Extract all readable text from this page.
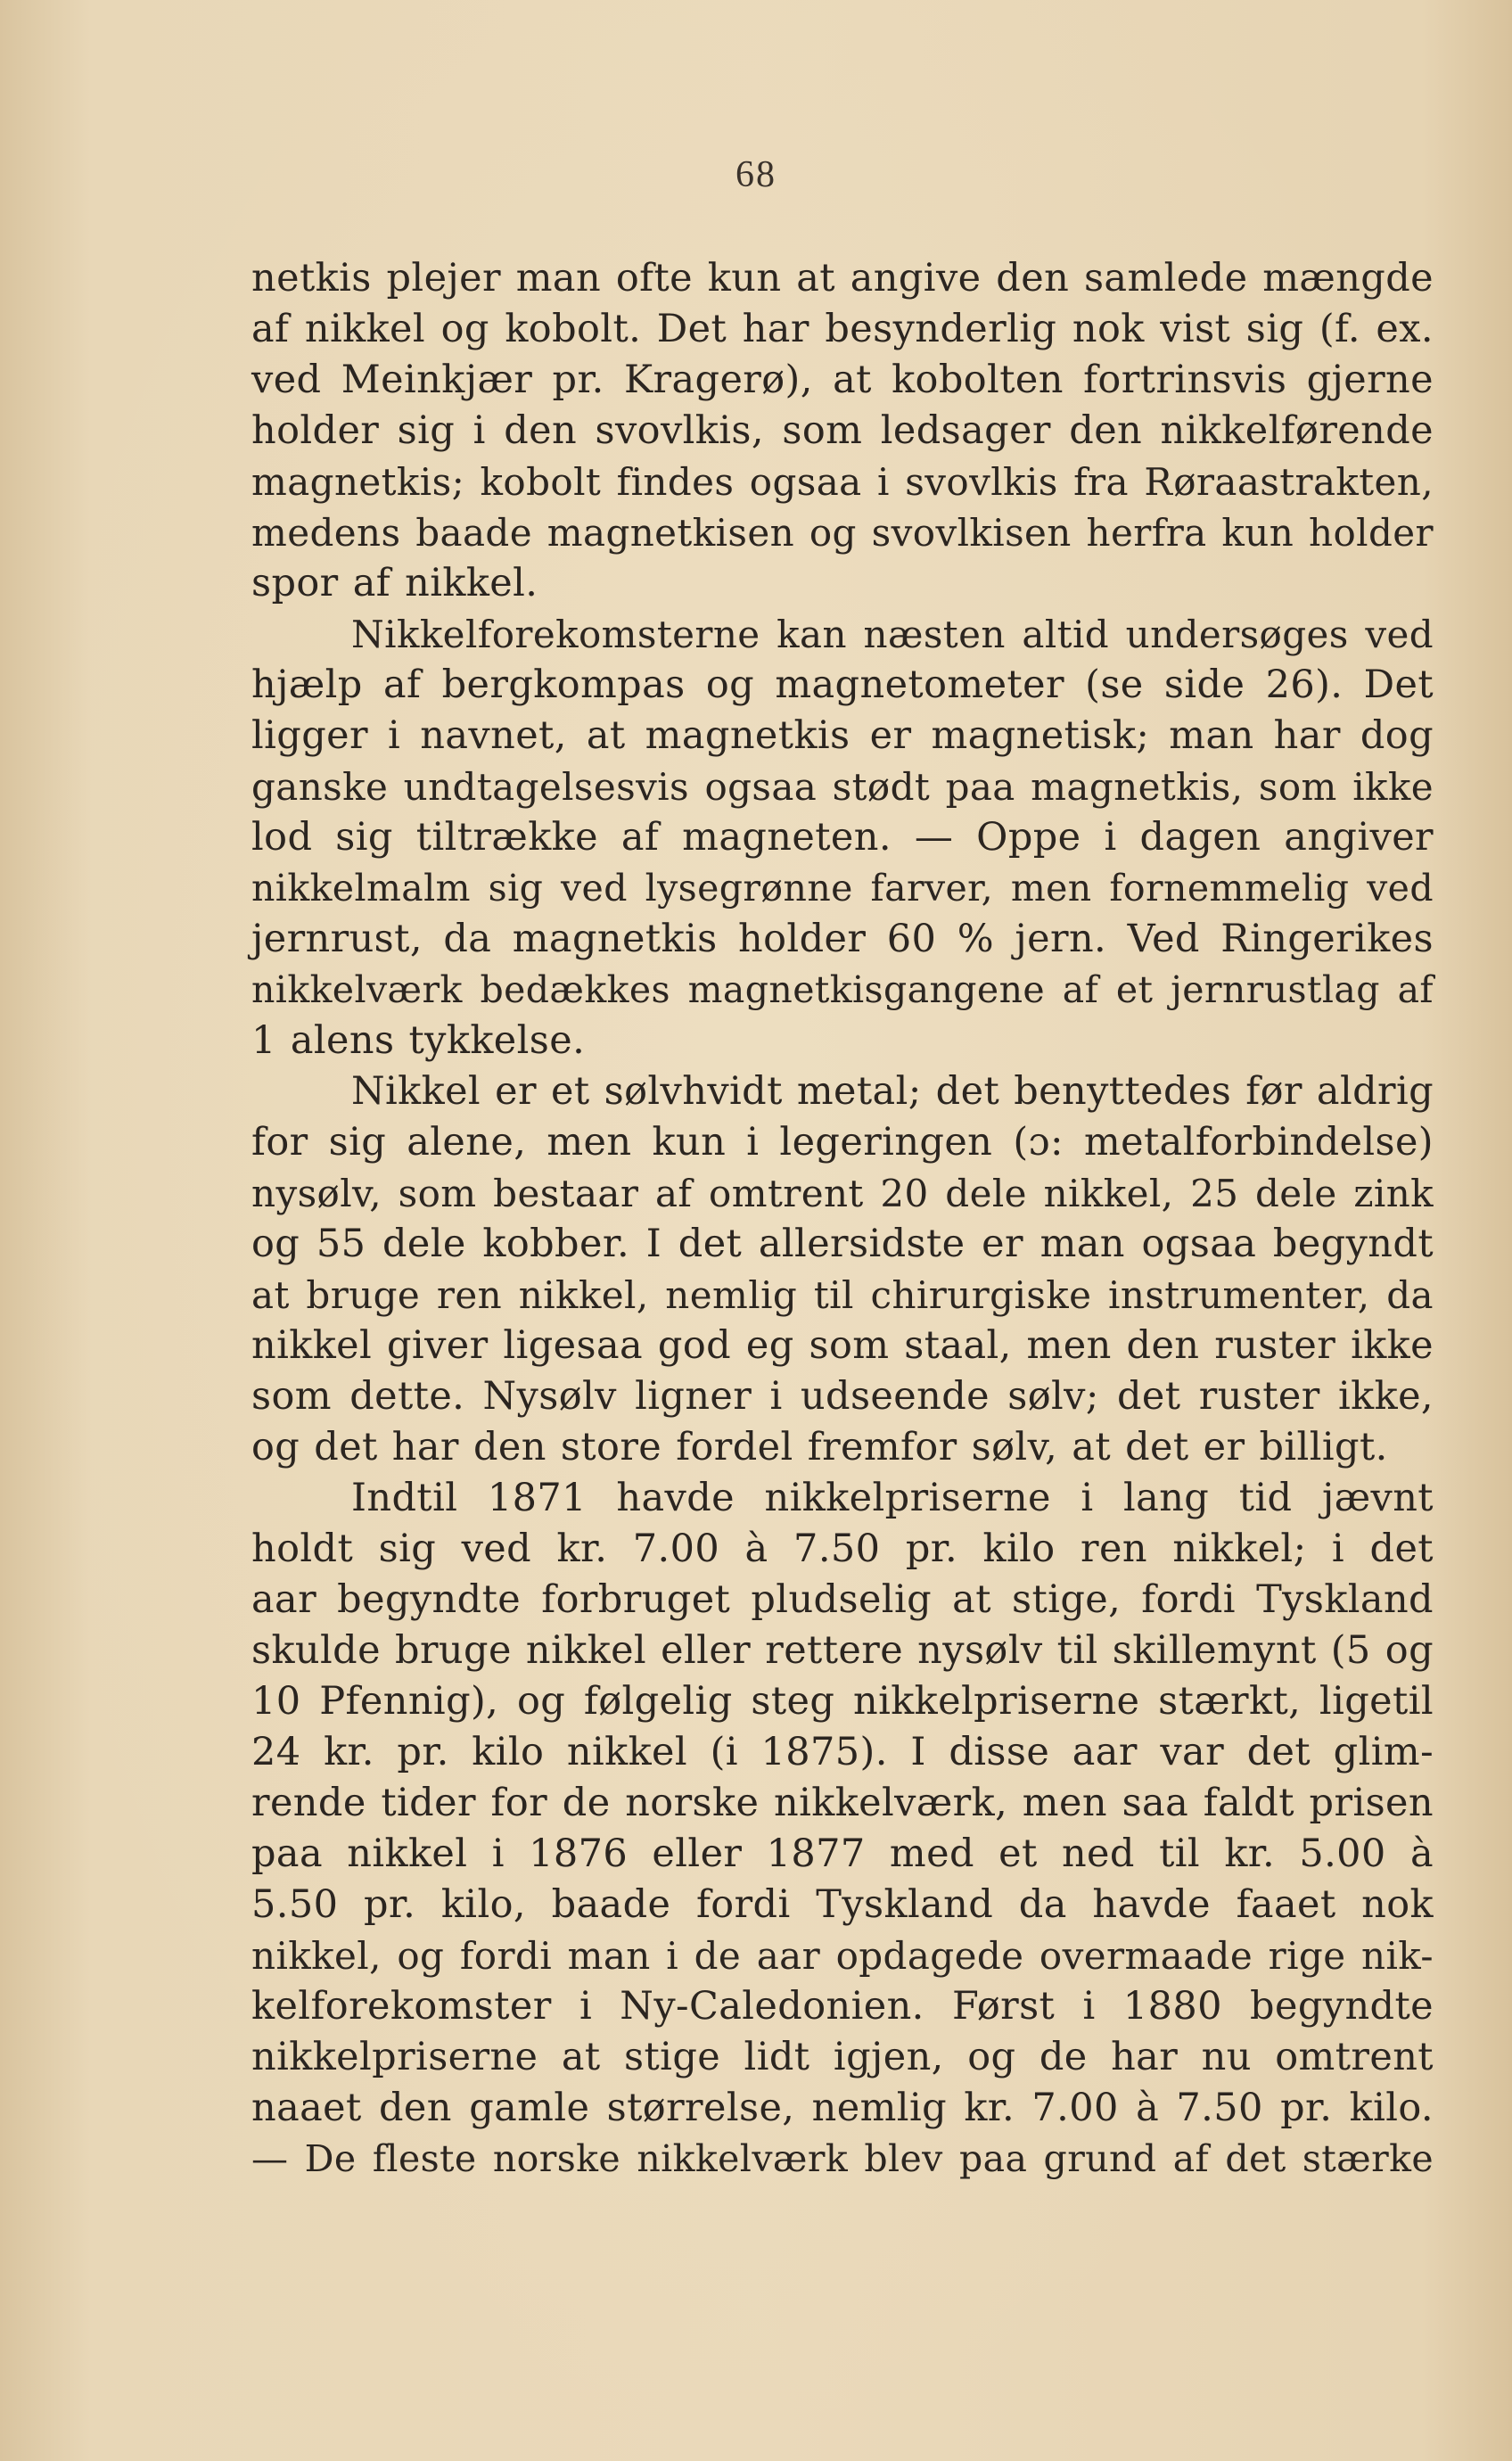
68
netkis plejer man ofte kun at angive den samlede mængde
af nikkel og kobolt. Det har besynderlig nok vist sig (f. ex.
ved Meinkjær pr. Kragerø), at kobolten fortrinsvis gjerne
holder sig i den svovlkis, som ledsager den nikkelførende
magnetkis; kobolt findes ogsaa i svovlkis fra Røraastrakten,
medens baade magnetkisen og svovlkisen herfra kun holder
spor af nikkel.
Nikkelforekomsterne kan næsten altid undersøges ved
hjælp af bergkompas og magnetometer (se side 26). Det
ligger i navnet, at magnetkis er magnetisk; man har dog
ganske undtagelsesvis ogsaa stødt paa magnetkis, som ikke
lod sig tiltrække af magneten. — Oppe i dagen angiver
nikkelmalm sig ved lysegrønne farver, men fornemmelig ved
jernrust, da magnetkis holder 60 % jern. Ved Ringerikes
nikkelværk bedækkes magnetkisgangene af et jernrustlag af
1 alens tykkelse.
Nikkel er et sølvhvidt metal; det benyttedes før aldrig
for sig alene, men kun i legeringen (ɔ: metalforbindelse)
nysølv, som bestaar af omtrent 20 dele nikkel, 25 dele zink
og 55 dele kobber. I det allersidste er man ogsaa begyndt
at bruge ren nikkel, nemlig til chirurgiske instrumenter, da
nikkel giver ligesaa god eg som staal, men den ruster ikke
som dette. Nysølv ligner i udseende sølv; det ruster ikke,
og det har den store fordel fremfor sølv, at det er billigt.
Indtil 1871 havde nikkelpriserne i lang tid jævnt
holdt sig ved kr. 7.00 à 7.50 pr. kilo ren nikkel; i det
aar begyndte forbruget pludselig at stige, fordi Tyskland
skulde bruge nikkel eller rettere nysølv til skillemynt (5 og
10 Pfennig), og følgelig steg nikkelpriserne stærkt, ligetil
24 kr. pr. kilo nikkel (i 1875). I disse aar var det glim-
rende tider for de norske nikkelværk, men saa faldt prisen
paa nikkel i 1876 eller 1877 med et ned til kr. 5.00 à
5.50 pr. kilo, baade fordi Tyskland da havde faaet nok
nikkel, og fordi man i de aar opdagede overmaade rige nik-
kelforekomster i Ny-Caledonien. Først i 1880 begyndte
nikkelpriserne at stige lidt igjen, og de har nu omtrent
naaet den gamle størrelse, nemlig kr. 7.00 à 7.50 pr. kilo.
— De fleste norske nikkelværk blev paa grund af det stærke
